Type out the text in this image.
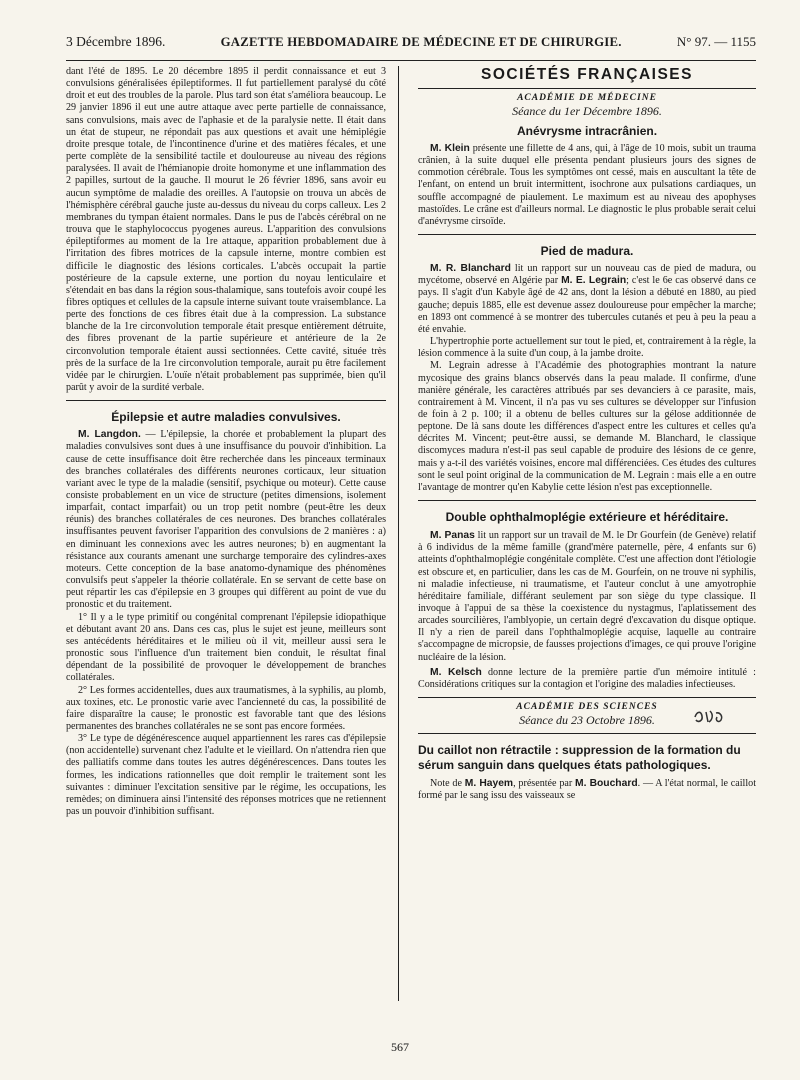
3 Décembre 1896.	GAZETTE HEBDOMADAIRE DE MÉDECINE ET DE CHIRURGIE.	N° 97. — 1155

dant l'été de 1895. Le 20 décembre 1895 il perdit connaissance et eut 3 convulsions généralisées épileptiformes. Il fut partiellement paralysé du côté droit et eut des troubles de la parole. Plus tard son état s'améliora beaucoup. Le 29 janvier 1896 il eut une autre attaque avec perte partielle de connaissance, sans convulsions, mais avec de l'aphasie et de la paralysie nette. Il était dans un état de stupeur, ne répondait pas aux questions et avait une hémiplégie droite presque totale, de l'incontinence d'urine et des matières fécales, et une perte complète de la sensibilité tactile et douloureuse au niveau des régions paralysées. Il avait de l'hémianopie droite homonyme et une inflammation des 2 papilles, surtout de la gauche. Il mourut le 26 février 1896, sans avoir eu aucun symptôme de maladie des oreilles. A l'autopsie on trouva un abcès de l'hémisphère cérébral gauche juste au-dessus du niveau du corps calleux. Les 2 membranes du tympan étaient normales. Dans le pus de l'abcès cérébral on ne trouva que le staphylococcus pyogenes aureus. L'apparition des convulsions épileptiformes au moment de la 1re attaque, apparition probablement due à l'irritation des fibres motrices de la capsule interne, montre combien est difficile le diagnostic des lésions corticales. L'abcès occupait la partie postérieure de la capsule externe, une portion du noyau lenticulaire et s'étendait en bas dans la région sous-thalamique, sans toutefois avoir coupé les fibres optiques et cellules de la capsule interne suivant toute vraisemblance. La perte des fonctions de ces fibres était due à la compression. La substance blanche de la 1re circonvolution temporale était presque entièrement détruite, des fibres provenant de la partie supérieure et antérieure de la 2e circonvolution temporale étaient aussi sectionnées. Cette cavité, située très près de la surface de la 1re circonvolution temporale, aurait pu être facilement vidée par le chirurgien. L'ouïe n'était probablement pas supprimée, bien qu'il parût y avoir de la surdité verbale.

Épilepsie et autre maladies convulsives.

M. Langdon. — L'épilepsie, la chorée et probablement la plupart des maladies convulsives sont dues à une insuffisance du pouvoir d'inhibition. La cause de cette insuffisance doit être recherchée dans les pinceaux terminaux des branches collatérales des différents neurones corticaux, leur situation variant avec le type de la maladie (sensitif, psychique ou moteur). Cette cause consiste probablement en un vice de structure (petites dimensions, isolement imparfait, contact imparfait) ou un trop petit nombre (peut-être les deux réunis) des branches collatérales de ces neurones. Des branches collatérales insuffisantes peuvent favoriser l'apparition des convulsions de 2 manières : a) en diminuant les connexions avec les autres neurones; b) en augmentant la résistance aux courants amenant une surcharge temporaire des cylindres-axes moteurs. Cette conception de la base anatomo-dynamique des phénomènes convulsifs peut s'appeler la théorie collatérale. En se servant de cette base on peut répartir les cas d'épilepsie en 3 groupes qui diffèrent au point de vue du pronostic et du traitement.

1° Il y a le type primitif ou congénital comprenant l'épilepsie idiopathique et débutant avant 20 ans. Dans ces cas, plus le sujet est jeune, meilleurs sont ses antécédents héréditaires et le milieu où il vit, meilleur aussi sera le pronostic sous l'influence d'un traitement bien conduit, le résultat final dépendant de la possibilité de provoquer le développement de branches collatérales.

2° Les formes accidentelles, dues aux traumatismes, à la syphilis, au plomb, aux toxines, etc. Le pronostic varie avec l'ancienneté du cas, la possibilité de faire disparaître la cause; le pronostic est favorable tant que des lésions permanentes des branches collatérales ne se sont pas encore formées.

3° Le type de dégénérescence auquel appartiennent les rares cas d'épilepsie (non accidentelle) survenant chez l'adulte et le vieillard. On n'attendra rien que des palliatifs comme dans toutes les autres dégénérescences. Dans toutes les formes, les indications rationnelles que doit remplir le traitement sont les suivantes : diminuer l'excitation sensitive par le régime, les occupations, les remèdes; on diminuera ainsi l'intensité des réponses motrices que ne retiennent pas un pouvoir d'inhibition suffisant.

SOCIÉTÉS FRANÇAISES
ACADÉMIE DE MÉDECINE
Séance du 1er Décembre 1896.
Anévrysme intracrânien.

M. Klein présente une fillette de 4 ans, qui, à l'âge de 10 mois, subit un trauma crânien, à la suite duquel elle présenta pendant plusieurs jours des signes de commotion cérébrale. Tous les symptômes ont cessé, mais en auscultant la tête de l'enfant, on entend un bruit intermittent, isochrone aux pulsations cardiaques, un souffle accompagné de piaulement. Le maximum est au niveau des apophyses mastoïdes. Le crâne est d'ailleurs normal. Le diagnostic le plus probable serait celui d'anévrysme cirsoïde.

Pied de madura.

M. R. Blanchard lit un rapport sur un nouveau cas de pied de madura, ou mycétome, observé en Algérie par M. E. Legrain; c'est le 6e cas observé dans ce pays. Il s'agit d'un Kabyle âgé de 42 ans, dont la lésion a débuté en 1880, au pied gauche; depuis 1885, elle est devenue assez douloureuse pour empêcher la marche; en 1893 ont commencé à se montrer des tubercules cutanés et peu à peu la peau a été envahie.

L'hypertrophie porte actuellement sur tout le pied, et, contrairement à la règle, la lésion commence à la suite d'un coup, à la jambe droite.

M. Legrain adresse à l'Académie des photographies montrant la nature mycosique des grains blancs observés dans la peau malade. Il confirme, d'une manière générale, les caractères attribués par ses devanciers à ce parasite, mais, contrairement à M. Vincent, il n'a pas vu ses cultures se développer sur l'infusion de foin à 2 p. 100; il a obtenu de belles cultures sur la gélose additionnée de peptone. De là sans doute les différences d'aspect entre les cultures et celles qu'a décrites M. Vincent; peut-être aussi, se demande M. Blanchard, le classique discomyces madura n'est-il pas seul capable de produire des lésions de ce genre, mais y a-t-il des variétés voisines, encore mal différenciées. Ces études des cultures sont le seul point original de la communication de M. Legrain : mais elle a en outre l'avantage de montrer qu'en Kabylie cette lésion n'est pas exceptionnelle.

Double ophthalmoplégie extérieure et héréditaire.

M. Panas lit un rapport sur un travail de M. le Dr Gourfein (de Genève) relatif à 6 individus de la même famille (grand'mère paternelle, père, 4 enfants sur 6) atteints d'ophthalmoplégie congénitale complète. C'est une affection dont l'étiologie est obscure et, en particulier, dans les cas de M. Gourfein, on ne trouve ni syphilis, ni maladie infectieuse, ni traumatisme, et l'auteur conclut à une amyotrophie héréditaire familiale, différant seulement par son siège du type classique. Il invoque à l'appui de sa thèse la coexistence du nystagmus, l'aplatissement des arcades sourcilières, l'amblyopie, un certain degré d'excavation du disque optique. Il n'y a rien de pareil dans l'ophthalmoplégie acquise, laquelle au contraire s'accompagne de micropsie, de fausses projections d'images, ce qui prouve l'origine nucléaire de la lésion.

M. Kelsch donne lecture de la première partie d'un mémoire intitulé : Considérations critiques sur la contagion et l'origine des maladies infectieuses.

ACADÉMIE DES SCIENCES
Séance du 23 Octobre 1896.
Du caillot non rétractile : suppression de la formation du sérum sanguin dans quelques états pathologiques.

Note de M. Hayem, présentée par M. Bouchard. — A l'état normal, le caillot formé par le sang issu des vaisseaux se

567
